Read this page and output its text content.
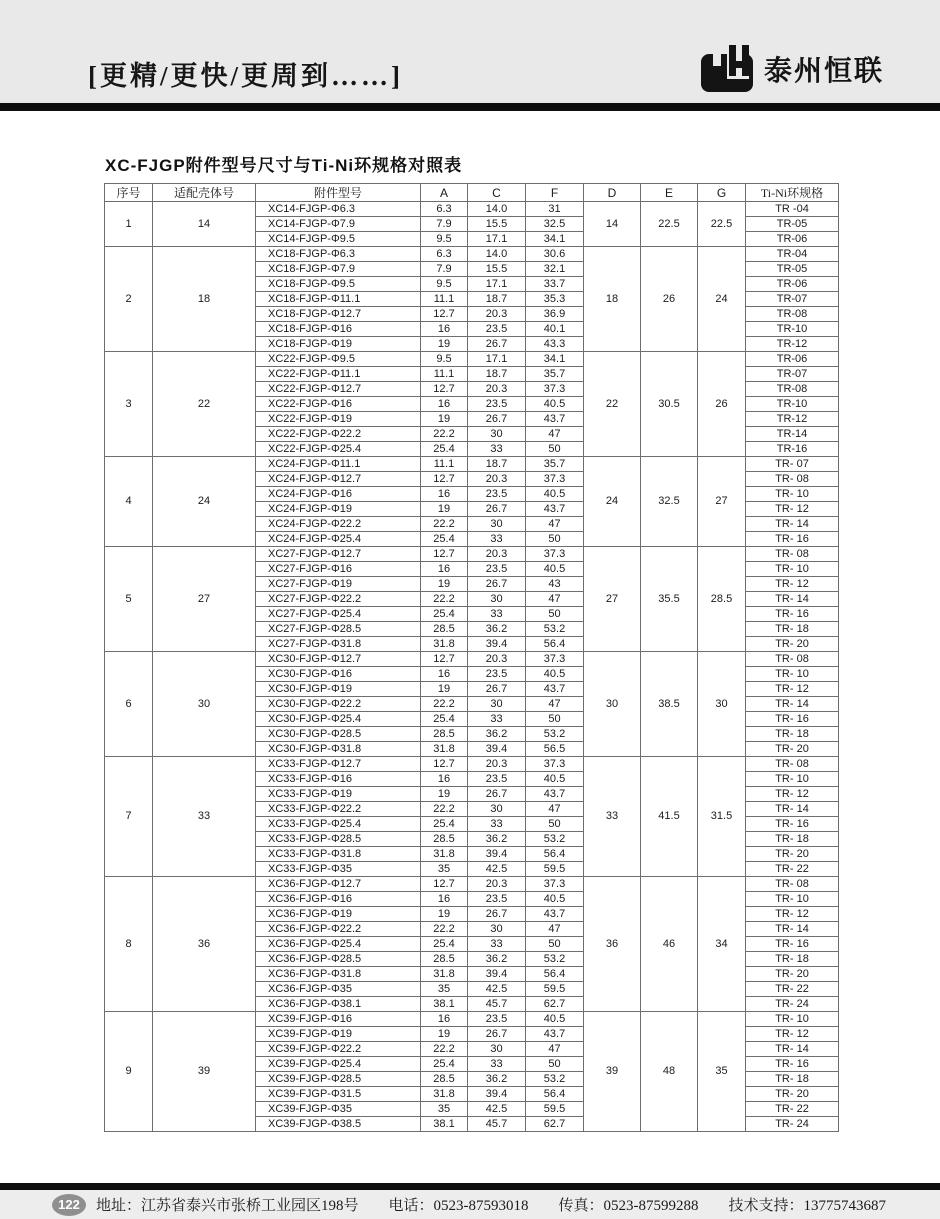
[更精/更快/更周到……]	泰州恒联
XC-FJGP附件型号尺寸与Ti-Ni环规格对照表
序号	适配壳体号	附件型号	A	C	F	D	E	G	Ti-Ni环规格
1	14	XC14-FJGP-Φ6.3	6.3	14.0	31	14	22.5	22.5	TR -04
		XC14-FJGP-Φ7.9	7.9	15.5	32.5				TR-05
		XC14-FJGP-Φ9.5	9.5	17.1	34.1				TR-06
2	18	XC18-FJGP-Φ6.3	6.3	14.0	30.6	18	26	24	TR-04
		XC18-FJGP-Φ7.9	7.9	15.5	32.1				TR-05
		XC18-FJGP-Φ9.5	9.5	17.1	33.7				TR-06
		XC18-FJGP-Φ11.1	11.1	18.7	35.3				TR-07
		XC18-FJGP-Φ12.7	12.7	20.3	36.9				TR-08
		XC18-FJGP-Φ16	16	23.5	40.1				TR-10
		XC18-FJGP-Φ19	19	26.7	43.3				TR-12
3	22	XC22-FJGP-Φ9.5	9.5	17.1	34.1	22	30.5	26	TR-06
		XC22-FJGP-Φ11.1	11.1	18.7	35.7				TR-07
		XC22-FJGP-Φ12.7	12.7	20.3	37.3				TR-08
		XC22-FJGP-Φ16	16	23.5	40.5				TR-10
		XC22-FJGP-Φ19	19	26.7	43.7				TR-12
		XC22-FJGP-Φ22.2	22.2	30	47				TR-14
		XC22-FJGP-Φ25.4	25.4	33	50				TR-16
4	24	XC24-FJGP-Φ11.1	11.1	18.7	35.7	24	32.5	27	TR- 07
		XC24-FJGP-Φ12.7	12.7	20.3	37.3				TR- 08
		XC24-FJGP-Φ16	16	23.5	40.5				TR- 10
		XC24-FJGP-Φ19	19	26.7	43.7				TR- 12
		XC24-FJGP-Φ22.2	22.2	30	47				TR- 14
		XC24-FJGP-Φ25.4	25.4	33	50				TR- 16
5	27	XC27-FJGP-Φ12.7	12.7	20.3	37.3	27	35.5	28.5	TR- 08
		XC27-FJGP-Φ16	16	23.5	40.5				TR- 10
		XC27-FJGP-Φ19	19	26.7	43				TR- 12
		XC27-FJGP-Φ22.2	22.2	30	47				TR- 14
		XC27-FJGP-Φ25.4	25.4	33	50				TR- 16
		XC27-FJGP-Φ28.5	28.5	36.2	53.2				TR- 18
		XC27-FJGP-Φ31.8	31.8	39.4	56.4				TR- 20
6	30	XC30-FJGP-Φ12.7	12.7	20.3	37.3	30	38.5	30	TR- 08
		XC30-FJGP-Φ16	16	23.5	40.5				TR- 10
		XC30-FJGP-Φ19	19	26.7	43.7				TR- 12
		XC30-FJGP-Φ22.2	22.2	30	47				TR- 14
		XC30-FJGP-Φ25.4	25.4	33	50				TR- 16
		XC30-FJGP-Φ28.5	28.5	36.2	53.2				TR- 18
		XC30-FJGP-Φ31.8	31.8	39.4	56.5				TR- 20
7	33	XC33-FJGP-Φ12.7	12.7	20.3	37.3	33	41.5	31.5	TR- 08
		XC33-FJGP-Φ16	16	23.5	40.5				TR- 10
		XC33-FJGP-Φ19	19	26.7	43.7				TR- 12
		XC33-FJGP-Φ22.2	22.2	30	47				TR- 14
		XC33-FJGP-Φ25.4	25.4	33	50				TR- 16
		XC33-FJGP-Φ28.5	28.5	36.2	53.2				TR- 18
		XC33-FJGP-Φ31.8	31.8	39.4	56.4				TR- 20
		XC33-FJGP-Φ35	35	42.5	59.5				TR- 22
8	36	XC36-FJGP-Φ12.7	12.7	20.3	37.3	36	46	34	TR- 08
		XC36-FJGP-Φ16	16	23.5	40.5				TR- 10
		XC36-FJGP-Φ19	19	26.7	43.7				TR- 12
		XC36-FJGP-Φ22.2	22.2	30	47				TR- 14
		XC36-FJGP-Φ25.4	25.4	33	50				TR- 16
		XC36-FJGP-Φ28.5	28.5	36.2	53.2				TR- 18
		XC36-FJGP-Φ31.8	31.8	39.4	56.4				TR- 20
		XC36-FJGP-Φ35	35	42.5	59.5				TR- 22
		XC36-FJGP-Φ38.1	38.1	45.7	62.7				TR- 24
9	39	XC39-FJGP-Φ16	16	23.5	40.5	39	48	35	TR- 10
		XC39-FJGP-Φ19	19	26.7	43.7				TR- 12
		XC39-FJGP-Φ22.2	22.2	30	47				TR- 14
		XC39-FJGP-Φ25.4	25.4	33	50				TR- 16
		XC39-FJGP-Φ28.5	28.5	36.2	53.2				TR- 18
		XC39-FJGP-Φ31.5	31.8	39.4	56.4				TR- 20
		XC39-FJGP-Φ35	35	42.5	59.5				TR- 22
		XC39-FJGP-Φ38.5	38.1	45.7	62.7				TR- 24
122	地址：江苏省泰兴市张桥工业园区198号 电话：0523-87593018 传真：0523-87599288 技术支持：13775743687
